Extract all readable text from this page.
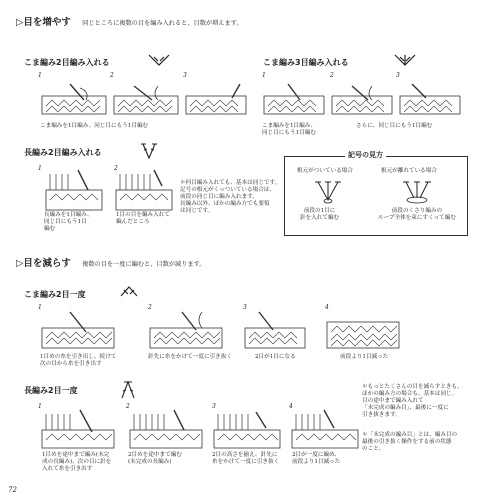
▷目を増やす 同じところに複数の目を編み入れると、目数が増えます。
こま編み2目編み入れる
1	2	3
こま編みを1目編み、同じ目にもう1目編む
こま編み3目編み入れる
1	2	3
こま編みを1目編み、
同じ目にもう1目編む
さらに、同じ目にもう1目編む
長編み2目編み入れる
1	2
長編みを1目編み、
同じ目にもう1目
編む
1目の目を編み入れて
編んだところ
＊何目編み入れても、基本は同じです。
記号の根元がくっついている場合は、
前段の同じ目に編み入れます。
長編み以外、ほかの編み方でも要領
は同じです。
記号の見方
根元がついている場合	根元が離れている場合
前段の1目に
針を入れて編む
前段のくさり編みの
ループ全体を束にすくって編む
▷目を減らす 複数の目を一度に編むと、目数が減ります。
こま編み2目一度
1	2	3	4
1目めの糸を引き出し、続けて
次の目から糸を引き出す
針先に糸をかけて一度に引き抜く	2目が1目になる	前段より1目減った
長編み2目一度
1	2	3	4
1目めを途中まで編み(未完
成の長編み)、次の目に針を
入れて糸を引き出す
2目めを途中まで編む
(未完成の長編み)
2目の高さを揃え、針先に
糸をかけて一度に引き抜く
2目が一度に編め、
前段より1目減った
＊もっとたくさんの目を減らすときも、
ほかの編み方の場合も、基本は同じ。
目の途中まで編み入れて
「未完成の編み目」、最後に一度に
引き抜きます。
＊「未完成の編み目」とは、編み目の
最後の引き抜く操作をする前の状態
のこと。
72
